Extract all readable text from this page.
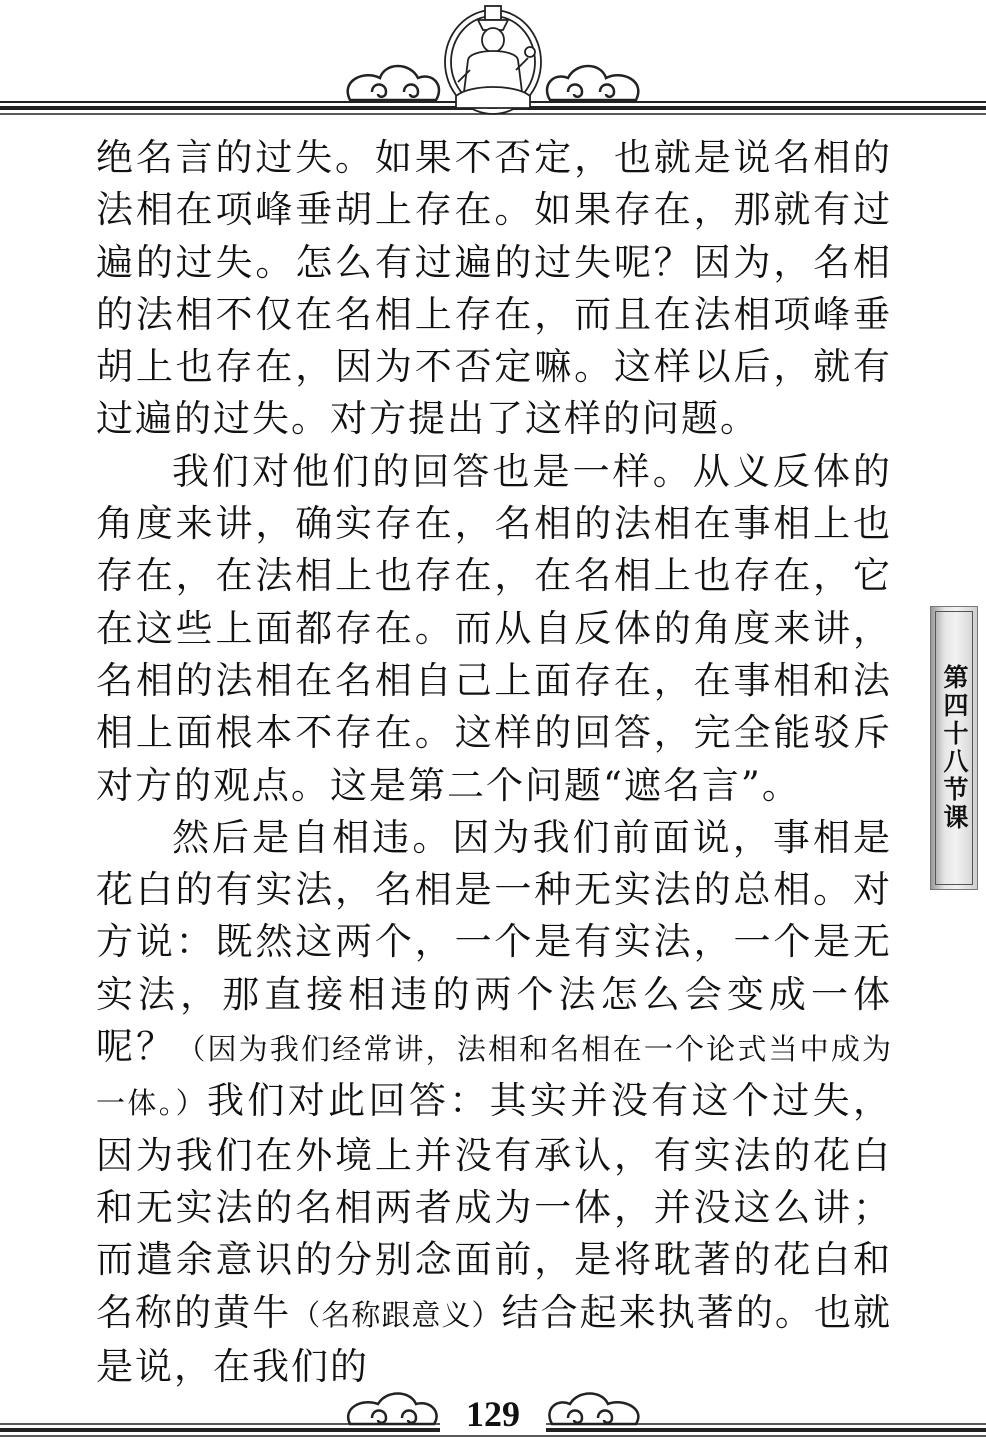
绝名言的过失。如果不否定，也就是说名相的法相在项峰垂胡上存在。如果存在，那就有过遍的过失。怎么有过遍的过失呢？因为，名相的法相不仅在名相上存在，而且在法相项峰垂胡上也存在，因为不否定嘛。这样以后，就有过遍的过失。对方提出了这样的问题。

我们对他们的回答也是一样。从义反体的角度来讲，确实存在，名相的法相在事相上也存在，在法相上也存在，在名相上也存在，它在这些上面都存在。而从自反体的角度来讲，名相的法相在名相自己上面存在，在事相和法相上面根本不存在。这样的回答，完全能驳斥对方的观点。这是第二个问题“遮名言”。

然后是自相违。因为我们前面说，事相是花白的有实法，名相是一种无实法的总相。对方说：既然这两个，一个是有实法，一个是无实法，那直接相违的两个法怎么会变成一体呢？（因为我们经常讲，法相和名相在一个论式当中成为一体。）我们对此回答：其实并没有这个过失，因为我们在外境上并没有承认，有实法的花白和无实法的名相两者成为一体，并没这么讲；而遣余意识的分别念面前，是将耽著的花白和名称的黄牛（名称跟意义）结合起来执著的。也就是说，在我们的

第四十八节课
129
